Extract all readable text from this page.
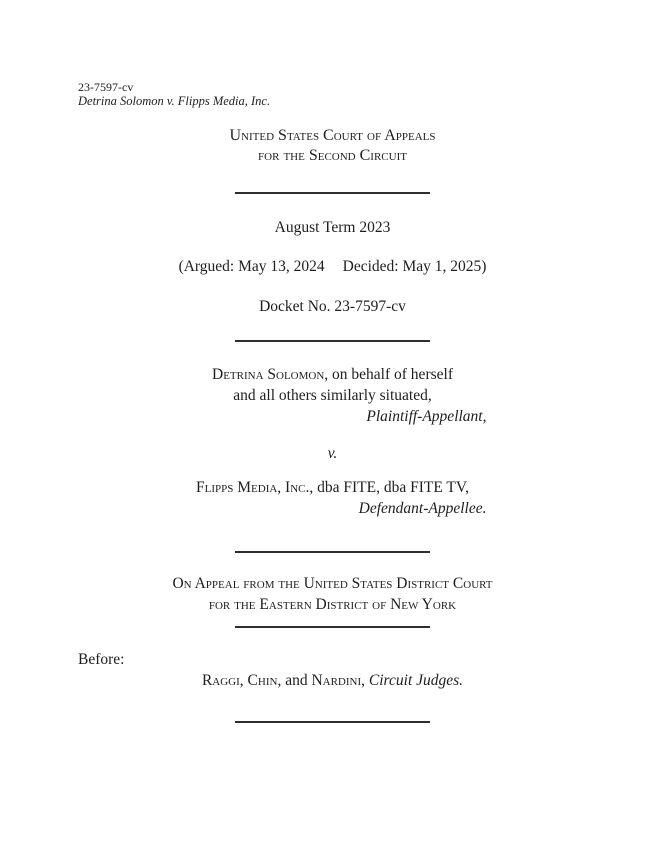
23-7597-cv
Detrina Solomon v. Flipps Media, Inc.
United States Court of Appeals
for the Second Circuit
August Term 2023
(Argued: May 13, 2024 Decided: May 1, 2025)
Docket No. 23-7597-cv
Detrina Solomon, on behalf of herself
and all others similarly situated,
Plaintiff-Appellant,
v.
Flipps Media, Inc., dba FITE, dba FITE TV,
Defendant-Appellee.
On Appeal from the United States District Court
for the Eastern District of New York
Before:
Raggi, Chin, and Nardini, Circuit Judges.
